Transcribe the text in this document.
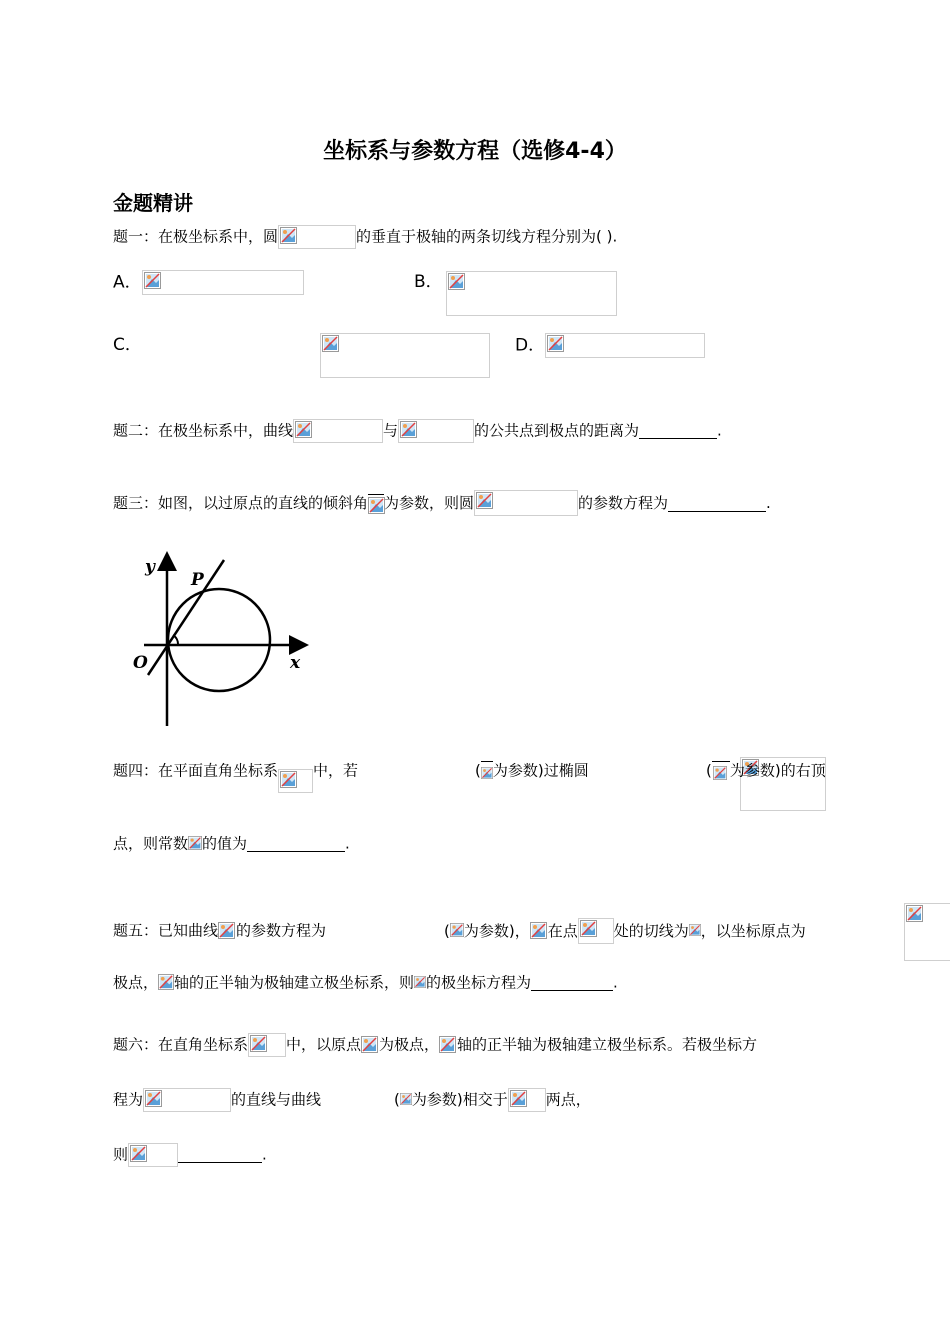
坐标系与参数方程（选修4-4）
金题精讲
题一：在极坐标系中，圆	的垂直于极轴的两条切线方程分别为( ).
A．	B．

C．
	D．
题二：在极坐标系中，曲线	与	的公共点到极点的距离为	.
题三：如图，以过原点的直线的倾斜角 为参数，则圆	的参数方程为	.
y
P
O	x
题四：在平面直角坐标系 中，若
	( 为参数)过椭圆
	( 为参数)的右顶
点，则常数 的值为	.
题五：已知曲线 的参数方程为
	( 为参数)， 在点 处的切线为 ，以坐标原点为
极点， 轴的正半轴为极轴建立极坐标系，则 的极坐标方程为	.
题六：在直角坐标系	中，以原点 为极点， 轴的正半轴为极轴建立极坐标系。若极坐标方
程为	的直线与曲线	( 为参数)相交于	两点，
则	.
